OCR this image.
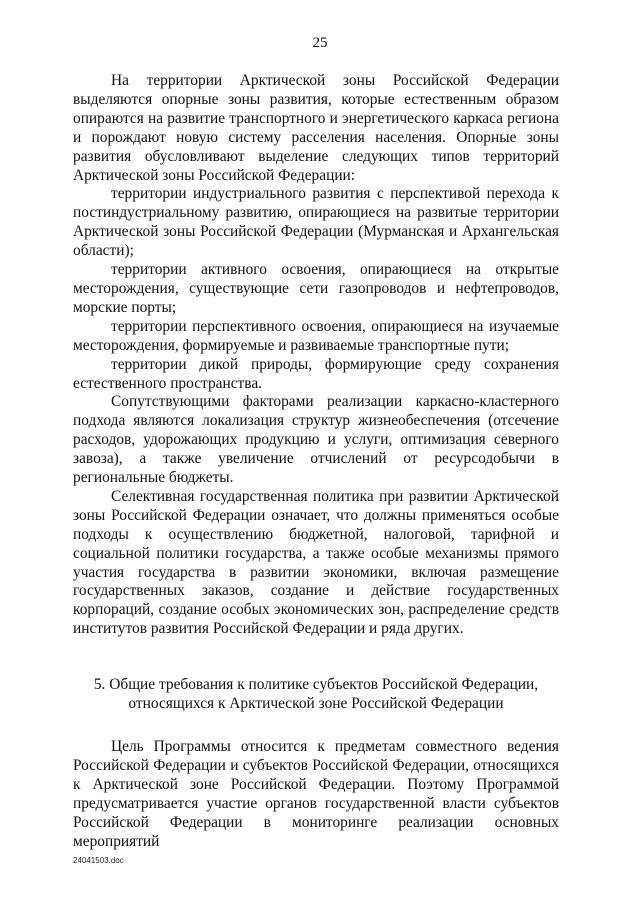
25

На территории Арктической зоны Российской Федерации выделяются опорные зоны развития, которые естественным образом опираются на развитие транспортного и энергетического каркаса региона и порождают новую систему расселения населения. Опорные зоны развития обусловливают выделение следующих типов территорий Арктической зоны Российской Федерации:

территории индустриального развития с перспективой перехода к постиндустриальному развитию, опирающиеся на развитые территории Арктической зоны Российской Федерации (Мурманская и Архангельская области);

территории активного освоения, опирающиеся на открытые месторождения, существующие сети газопроводов и нефтепроводов, морские порты;

территории перспективного освоения, опирающиеся на изучаемые месторождения, формируемые и развиваемые транспортные пути;

территории дикой природы, формирующие среду сохранения естественного пространства.

Сопутствующими факторами реализации каркасно-кластерного подхода являются локализация структур жизнеобеспечения (отсечение расходов, удорожающих продукцию и услуги, оптимизация северного завоза), а также увеличение отчислений от ресурсодобычи в региональные бюджеты.

Селективная государственная политика при развитии Арктической зоны Российской Федерации означает, что должны применяться особые подходы к осуществлению бюджетной, налоговой, тарифной и социальной политики государства, а также особые механизмы прямого участия государства в развитии экономики, включая размещение государственных заказов, создание и действие государственных корпораций, создание особых экономических зон, распределение средств институтов развития Российской Федерации и ряда других.

5. Общие требования к политике субъектов Российской Федерации,
относящихся к Арктической зоне Российской Федерации

Цель Программы относится к предметам совместного ведения Российской Федерации и субъектов Российской Федерации, относящихся к Арктической зоне Российской Федерации. Поэтому Программой предусматривается участие органов государственной власти субъектов Российской Федерации в мониторинге реализации основных мероприятий

24041503.doc
